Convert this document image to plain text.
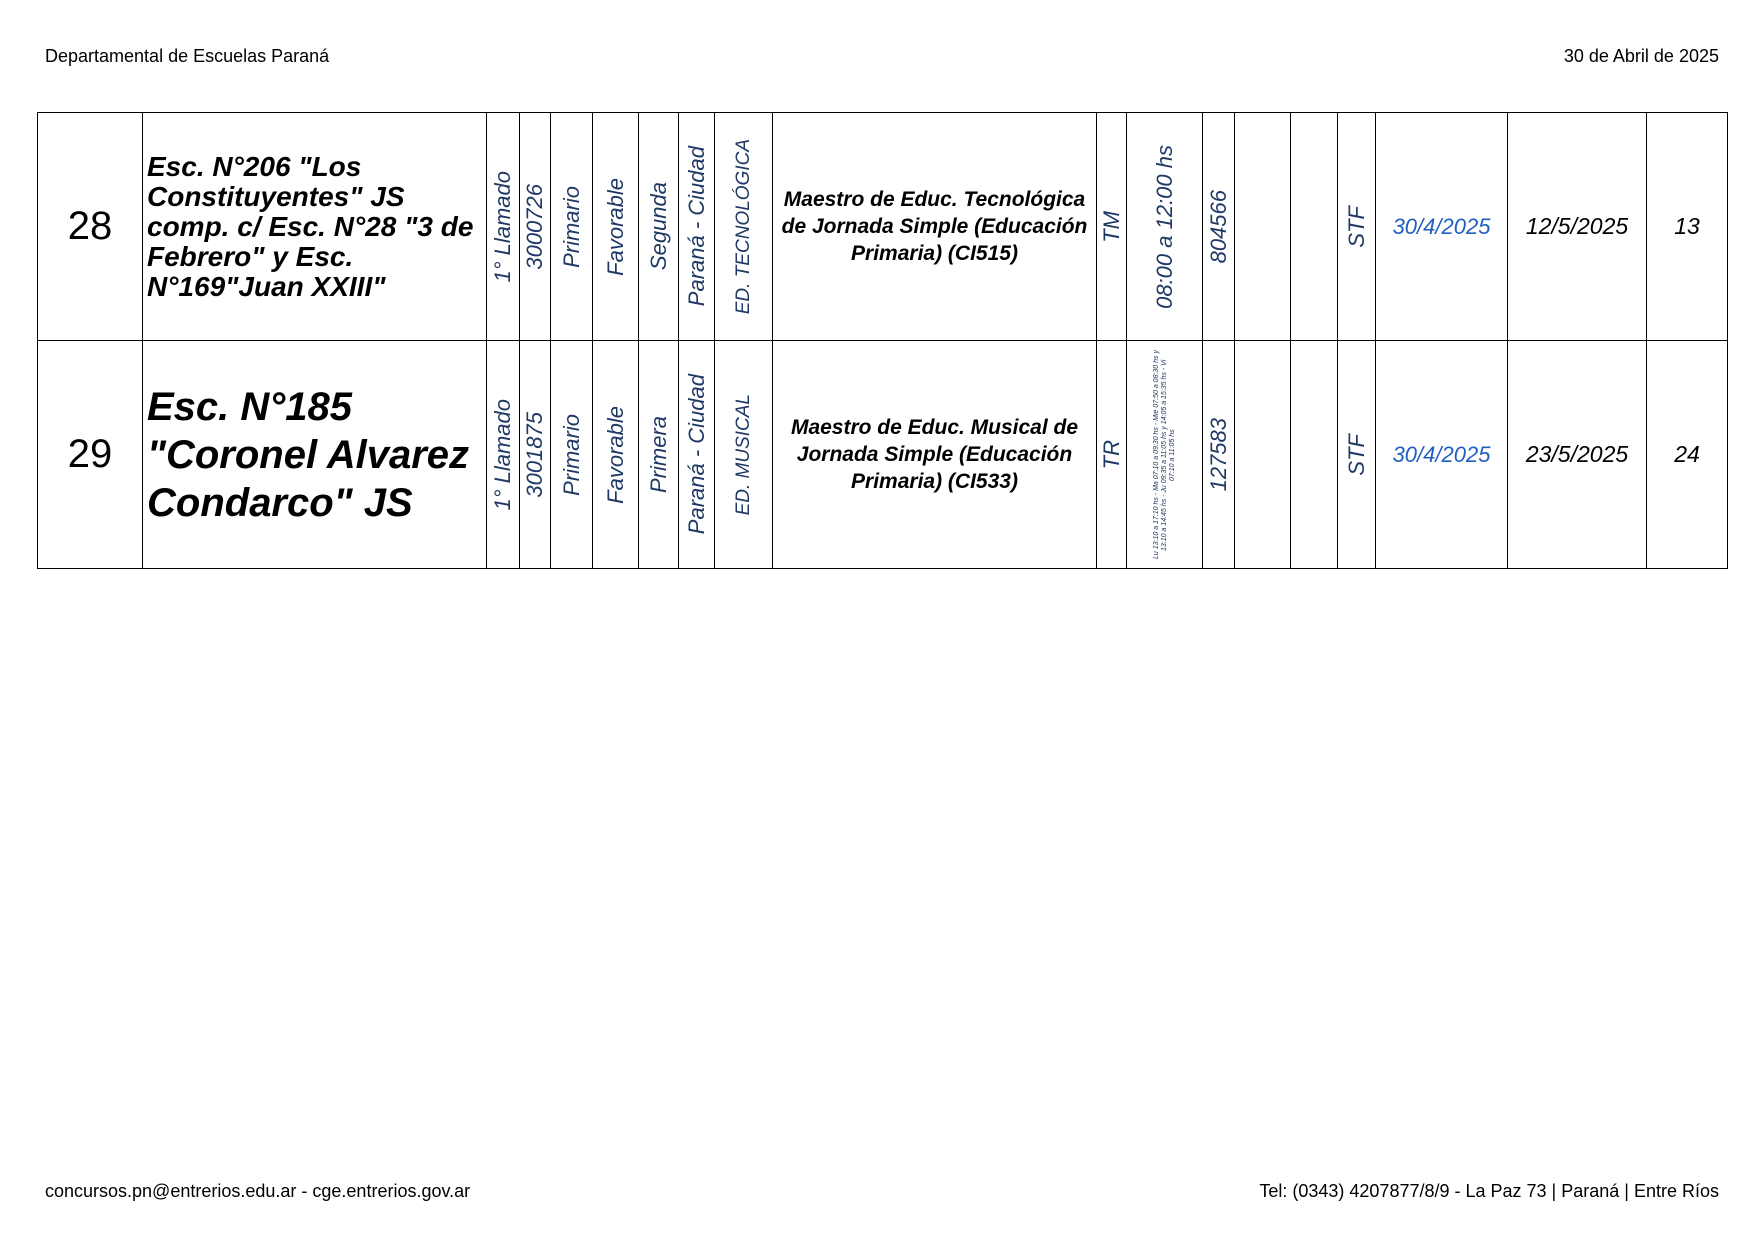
Departamental de Escuelas Paraná	30 de Abril de 2025
28	Esc. N°206 "Los Constituyentes" JS comp. c/ Esc. N°28 "3 de Febrero" y Esc. N°169"Juan XXIII"	1° Llamado	3000726	Primario	Favorable	Segunda	Paraná - Ciudad	ED. TECNOLÓGICA	Maestro de Educ. Tecnológica de Jornada Simple (Educación Primaria) (CI515)	TM	08:00 a 12:00 hs	804566			STF	30/4/2025	12/5/2025	13
29	Esc. N°185 "Coronel Alvarez Condarco" JS	1° Llamado	3001875	Primario	Favorable	Primera	Paraná - Ciudad	ED. MUSICAL	Maestro de Educ. Musical de Jornada Simple (Educación Primaria) (CI533)	TR	Lu 13:10 a 17:10 hs - Ma 07:10 a 09:30 hs - Mié 07:50 a 08:30 hs y 13:10 a 14:45 hs - Ju 09:35 a 11:05 hs y 14:05 a 15:35 hs - Vi 07:10 a 11:05 hs	127583			STF	30/4/2025	23/5/2025	24
concursos.pn@entrerios.edu.ar - cge.entrerios.gov.ar	Tel: (0343) 4207877/8/9 - La Paz 73 | Paraná | Entre Ríos
